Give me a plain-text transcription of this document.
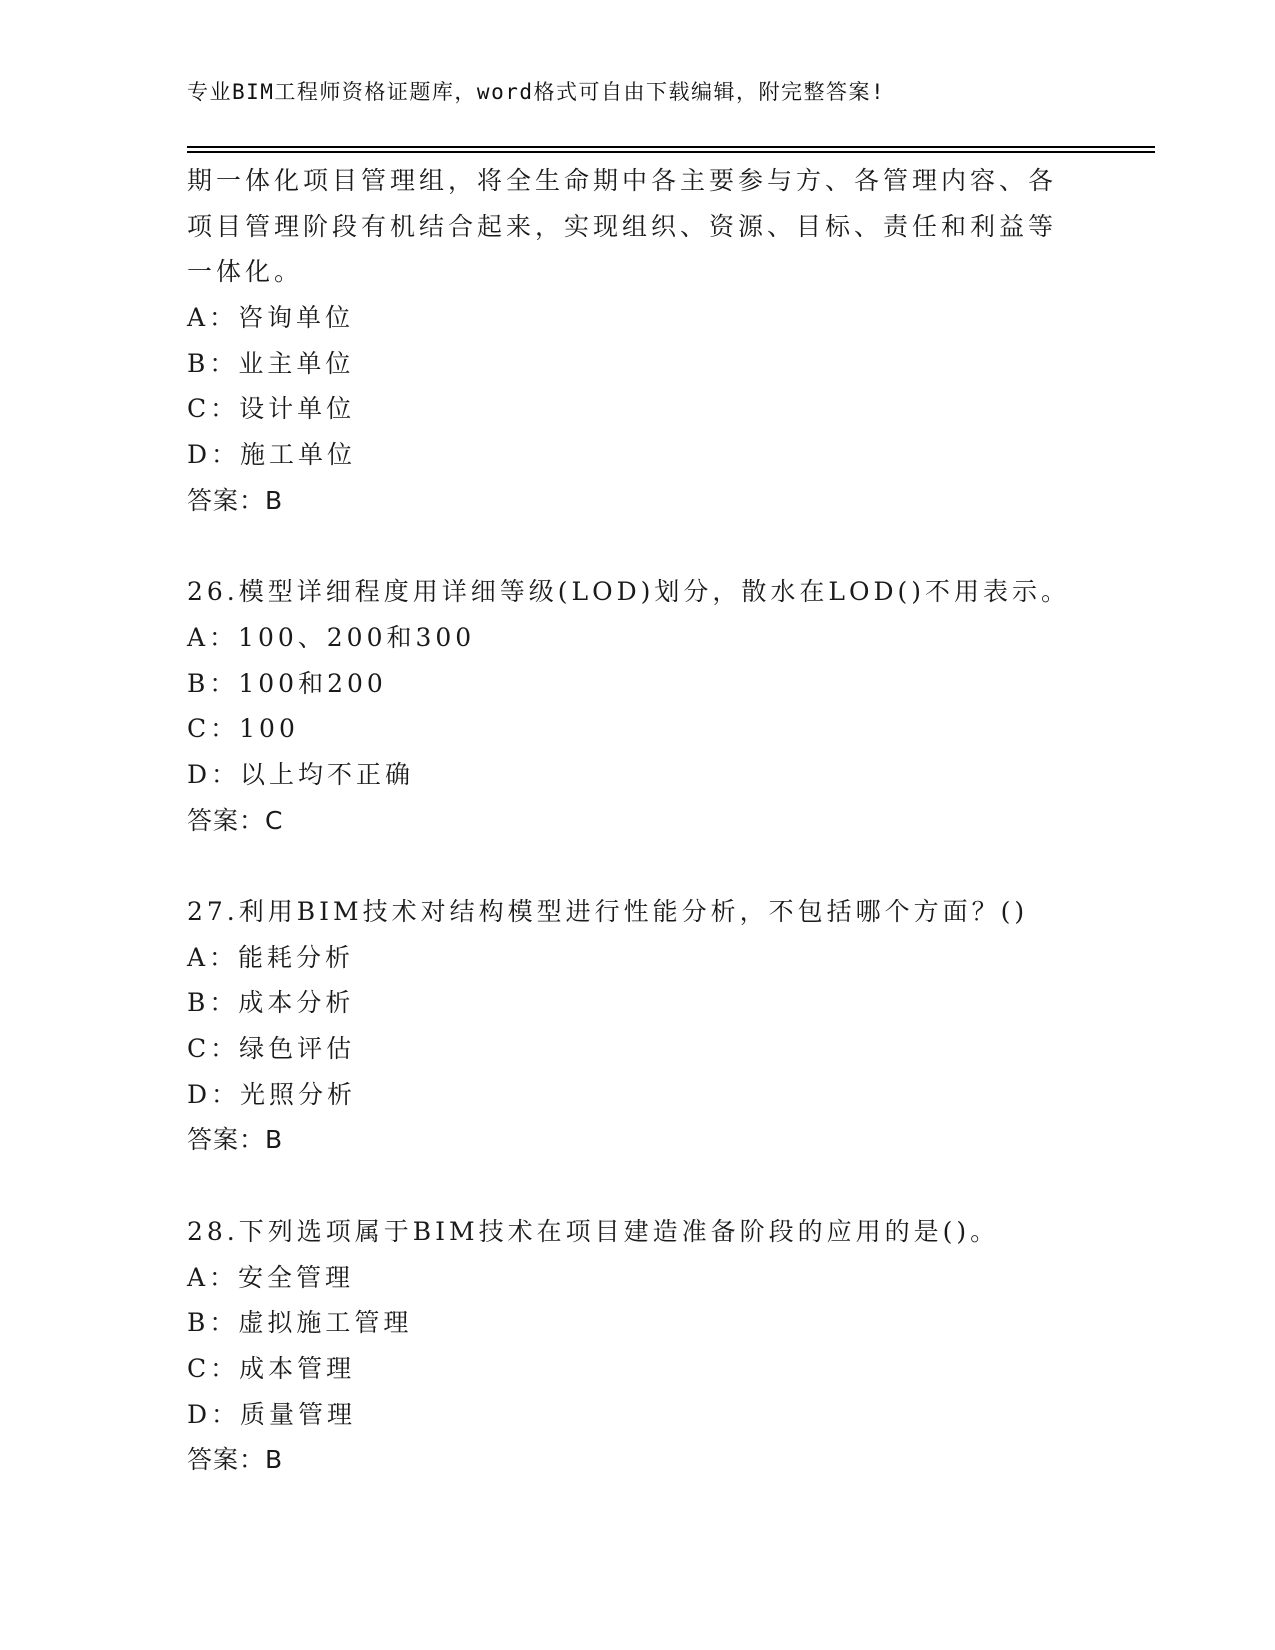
专业BIM工程师资格证题库，word格式可自由下载编辑，附完整答案!
期一体化项目管理组，将全生命期中各主要参与方、各管理内容、各
项目管理阶段有机结合起来，实现组织、资源、目标、责任和利益等
一体化。
A：咨询单位
B：业主单位
C：设计单位
D：施工单位
答案：B
26.模型详细程度用详细等级(LOD)划分，散水在LOD()不用表示。
A：100、200和300
B：100和200
C：100
D：以上均不正确
答案：C
27.利用BIM技术对结构模型进行性能分析，不包括哪个方面？()
A：能耗分析
B：成本分析
C：绿色评估
D：光照分析
答案：B
28.下列选项属于BIM技术在项目建造准备阶段的应用的是()。
A：安全管理
B：虚拟施工管理
C：成本管理
D：质量管理
答案：B
